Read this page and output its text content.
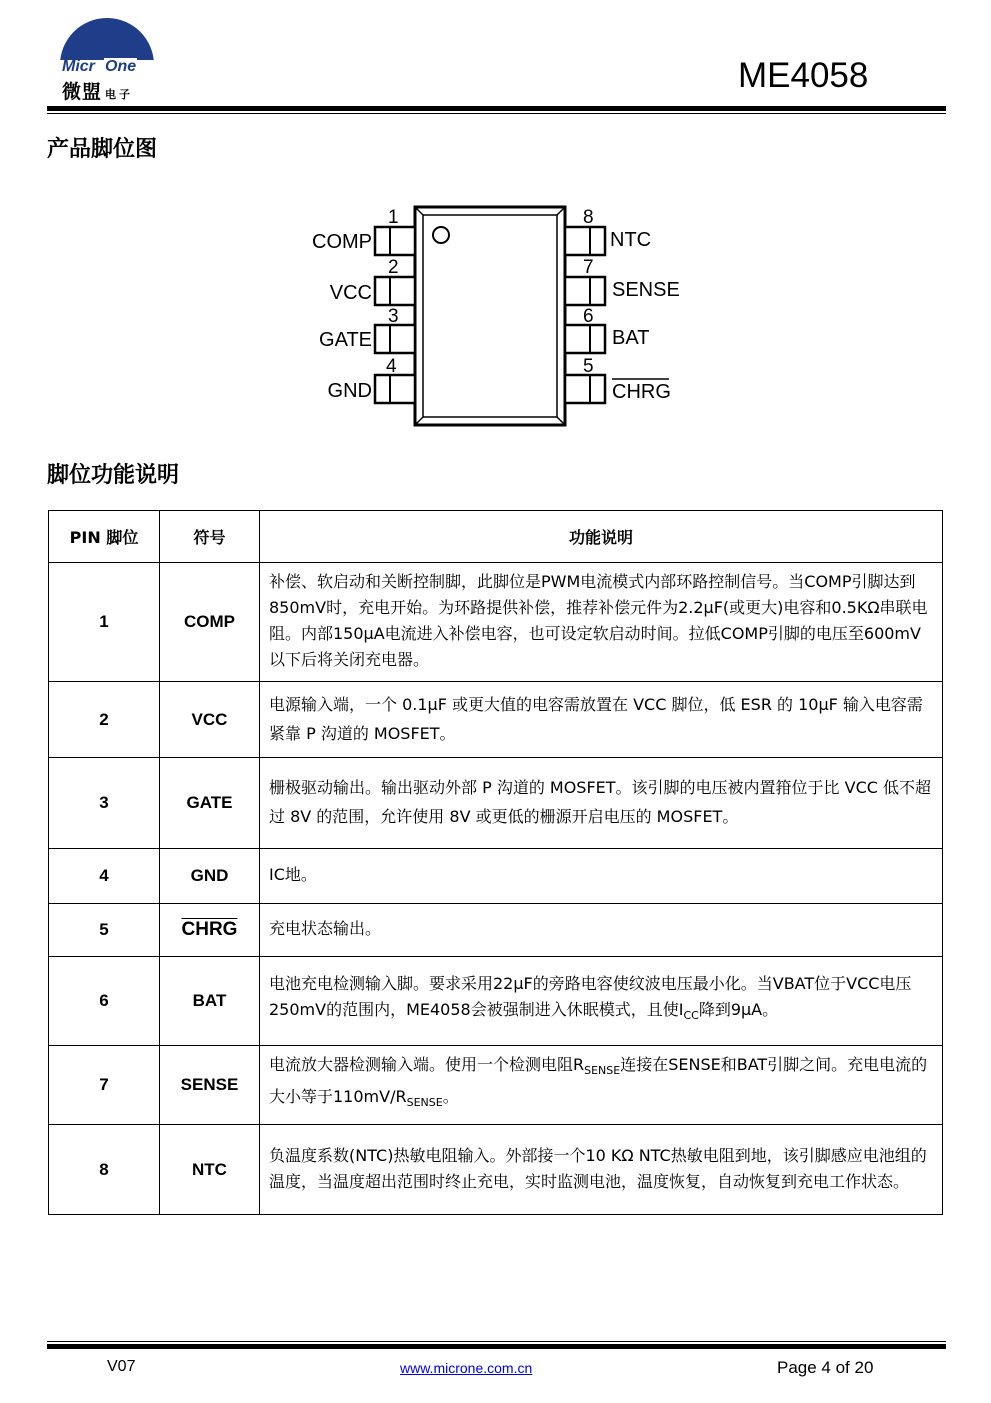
Micr One
微盟 电子	ME4058
产品脚位图
1
COMP
2
VCC
3
GATE
4
GND
8
NTC
7
SENSE
6
BAT
5
CHRG
脚位功能说明
PIN 脚位	符号	功能说明
1	COMP	补偿、软启动和关断控制脚，此脚位是PWM电流模式内部环路控制信号。当COMP引脚达到850mV时，充电开始。为环路提供补偿，推荐补偿元件为2.2μF(或更大)电容和0.5KΩ串联电阻。内部150μA电流进入补偿电容，也可设定软启动时间。拉低COMP引脚的电压至600mV以下后将关闭充电器。
2	VCC	电源输入端，一个 0.1μF 或更大值的电容需放置在 VCC 脚位，低 ESR 的 10μF 输入电容需紧靠 P 沟道的 MOSFET。
3	GATE	栅极驱动输出。输出驱动外部 P 沟道的 MOSFET。该引脚的电压被内置箝位于比 VCC 低不超过 8V 的范围，允许使用 8V 或更低的栅源开启电压的 MOSFET。
4	GND	IC地。
5	CHRG	充电状态输出。
6	BAT	电池充电检测输入脚。要求采用22μF的旁路电容使纹波电压最小化。当VBAT位于VCC电压250mV的范围内，ME4058会被强制进入休眠模式，且使$I_{CC}$降到9μA。
7	SENSE	电流放大器检测输入端。使用一个检测电阻$R_{SENSE}$连接在SENSE和BAT引脚之间。充电电流的大小等于$110mV/R_{SENSE}$。
8	NTC	负温度系数(NTC)热敏电阻输入。外部接一个10 KΩ NTC热敏电阻到地，该引脚感应电池组的温度，当温度超出范围时终止充电，实时监测电池，温度恢复，自动恢复到充电工作状态。
V07	www.microne.com.cn	Page 4 of 20
